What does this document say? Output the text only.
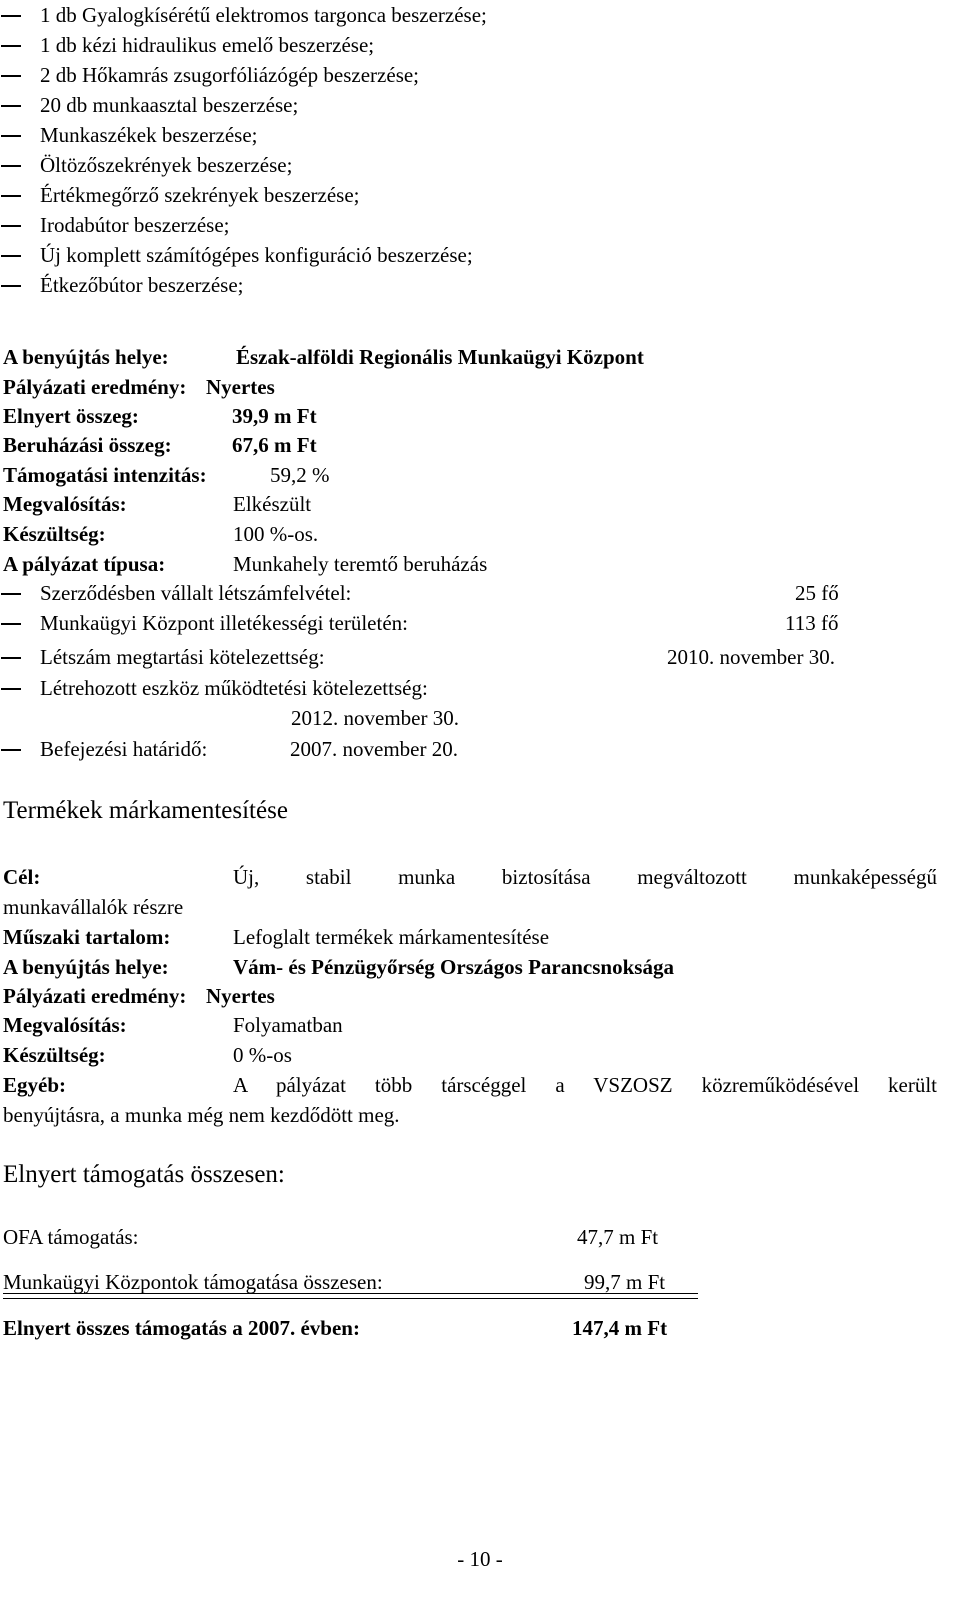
1 db Gyalogkísérétű elektromos targonca beszerzése;
1 db kézi hidraulikus emelő beszerzése;
2 db Hőkamrás zsugorfóliázógép beszerzése;
20 db munkaasztal beszerzése;
Munkaszékek beszerzése;
Öltözőszekrények beszerzése;
Értékmegőrző szekrények beszerzése;
Irodabútor beszerzése;
Új komplett számítógépes konfiguráció beszerzése;
Étkezőbútor beszerzése;
A benyújtás helye:	Észak-alföldi Regionális Munkaügyi Központ
Pályázati eredmény: Nyertes
Elnyert összeg:	39,9 m Ft
Beruházási összeg:	67,6 m Ft
Támogatási intenzitás:	59,2 %
Megvalósítás:	Elkészült
Készültség:	100 %-os.
A pályázat típusa:	Munkahely teremtő beruházás
Szerződésben vállalt létszámfelvétel:	25 fő
Munkaügyi Központ illetékességi területén:	113 fő
Létszám megtartási kötelezettség:	2010. november 30.
Létrehozott eszköz működtetési kötelezettség:
2012. november 30.
Befejezési határidő:	2007. november 20.
Termékek márkamentesítése
Cél:	Új, stabil munka biztosítása megváltozott munkaképességű
munkavállalók részre
Műszaki tartalom:	Lefoglalt termékek márkamentesítése
A benyújtás helye:	Vám- és Pénzügyőrség Országos Parancsnoksága
Pályázati eredmény: Nyertes
Megvalósítás:	Folyamatban
Készültség:	0 %-os
Egyéb:	A pályázat több társcéggel a VSZOSZ közreműködésével került
benyújtásra, a munka még nem kezdődött meg.
Elnyert támogatás összesen:
OFA támogatás:	47,7 m Ft
Munkaügyi Központok támogatása összesen:	99,7 m Ft
Elnyert összes támogatás a 2007. évben:	147,4 m Ft
- 10 -
